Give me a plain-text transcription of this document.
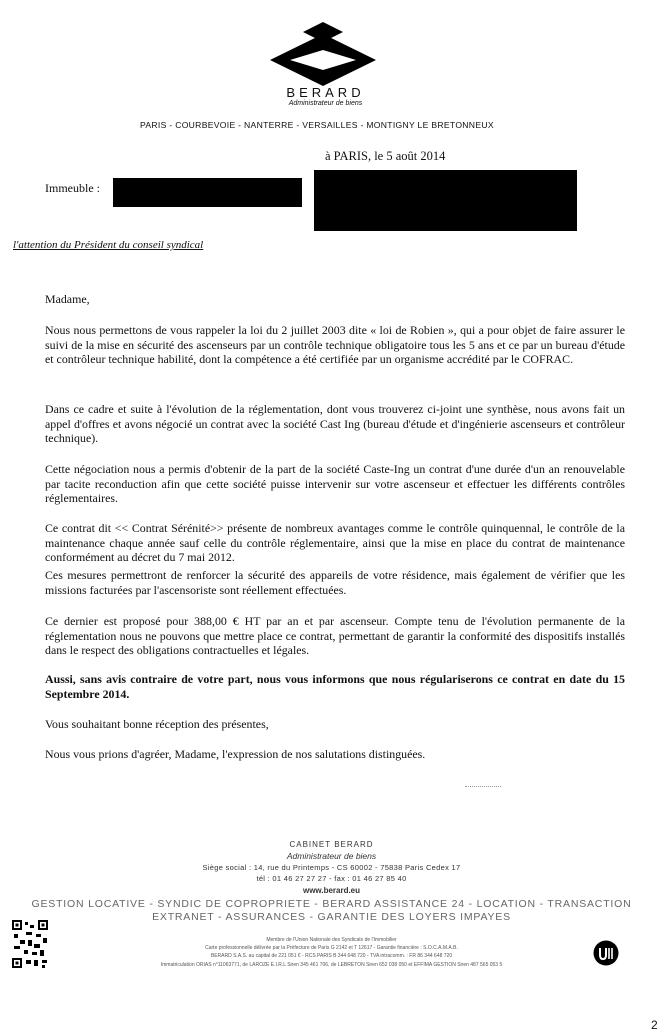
BERARD
Administrateur de biens
PARIS - COURBEVOIE - NANTERRE - VERSAILLES - MONTIGNY LE BRETONNEUX
à PARIS, le 5 août 2014
Immeuble :
l'attention du Président du conseil syndical

Madame,

Nous nous permettons de vous rappeler la loi du 2 juillet 2003 dite « loi de Robien », qui a pour objet de faire assurer le suivi de la mise en sécurité des ascenseurs par un contrôle technique obligatoire tous les 5 ans et ce par un bureau d'étude et contrôleur technique habilité, dont la compétence a été certifiée par un organisme accrédité par le COFRAC.

Dans ce cadre et suite à l'évolution de la réglementation, dont vous trouverez ci-joint une synthèse, nous avons fait un appel d'offres et avons négocié un contrat avec la société Cast Ing (bureau d'étude et d'ingénierie ascenseurs et contrôleur technique).

Cette négociation nous a permis d'obtenir de la part de la société Caste-Ing un contrat d'une durée d'un an renouvelable par tacite reconduction afin que cette société puisse intervenir sur votre ascenseur et effectuer les différents contrôles réglementaires.

Ce contrat dit << Contrat Sérénité>> présente de nombreux avantages comme le contrôle quinquennal, le contrôle de la maintenance chaque année sauf celle du contrôle réglementaire, ainsi que la mise en place du contrat de maintenance conformément au décret du 7 mai 2012.

Ces mesures permettront de renforcer la sécurité des appareils de votre résidence, mais également de vérifier que les missions facturées par l'ascensoriste sont réellement effectuées.

Ce dernier est proposé pour 388,00 € HT par an et par ascenseur. Compte tenu de l'évolution permanente de la réglementation nous ne pouvons que mettre place ce contrat, permettant de garantir la conformité des dispositifs installés dans le respect des obligations contractuelles et légales.

Aussi, sans avis contraire de votre part, nous vous informons que nous régulariserons ce contrat en date du 15 Septembre 2014.

Vous souhaitant bonne réception des présentes,

Nous vous prions d'agréer, Madame, l'expression de nos salutations distinguées.

CABINET BERARD
Administrateur de biens
Siège social : 14, rue du Printemps - CS 60002 - 75838 Paris Cedex 17
tél : 01 46 27 27 27 - fax : 01 46 27 85 40
www.berard.eu
GESTION LOCATIVE - SYNDIC DE COPROPRIETE - BERARD ASSISTANCE 24 - LOCATION - TRANSACTION
EXTRANET - ASSURANCES - GARANTIE DES LOYERS IMPAYES
Membre de l'Union Nationale des Syndicats de l'Immobilier
Carte professionnelle délivrée par la Préfecture de Paris G 2142 et T 12617 - Garantie financière : S.O.C.A.M.A.B.
BERARD S.A.S. au capital de 221 051 € - RCS PARIS B 344 648 720 - TVA intracomm. : FR 86 344 648 720
Immatriculation ORIAS n°11063771, de LAROZE E.I.R.L Siren 345 461 706, de LEBRETON Siren 652 038 050 et EFFIMA GESTION Siren 487 565 053 5
2
